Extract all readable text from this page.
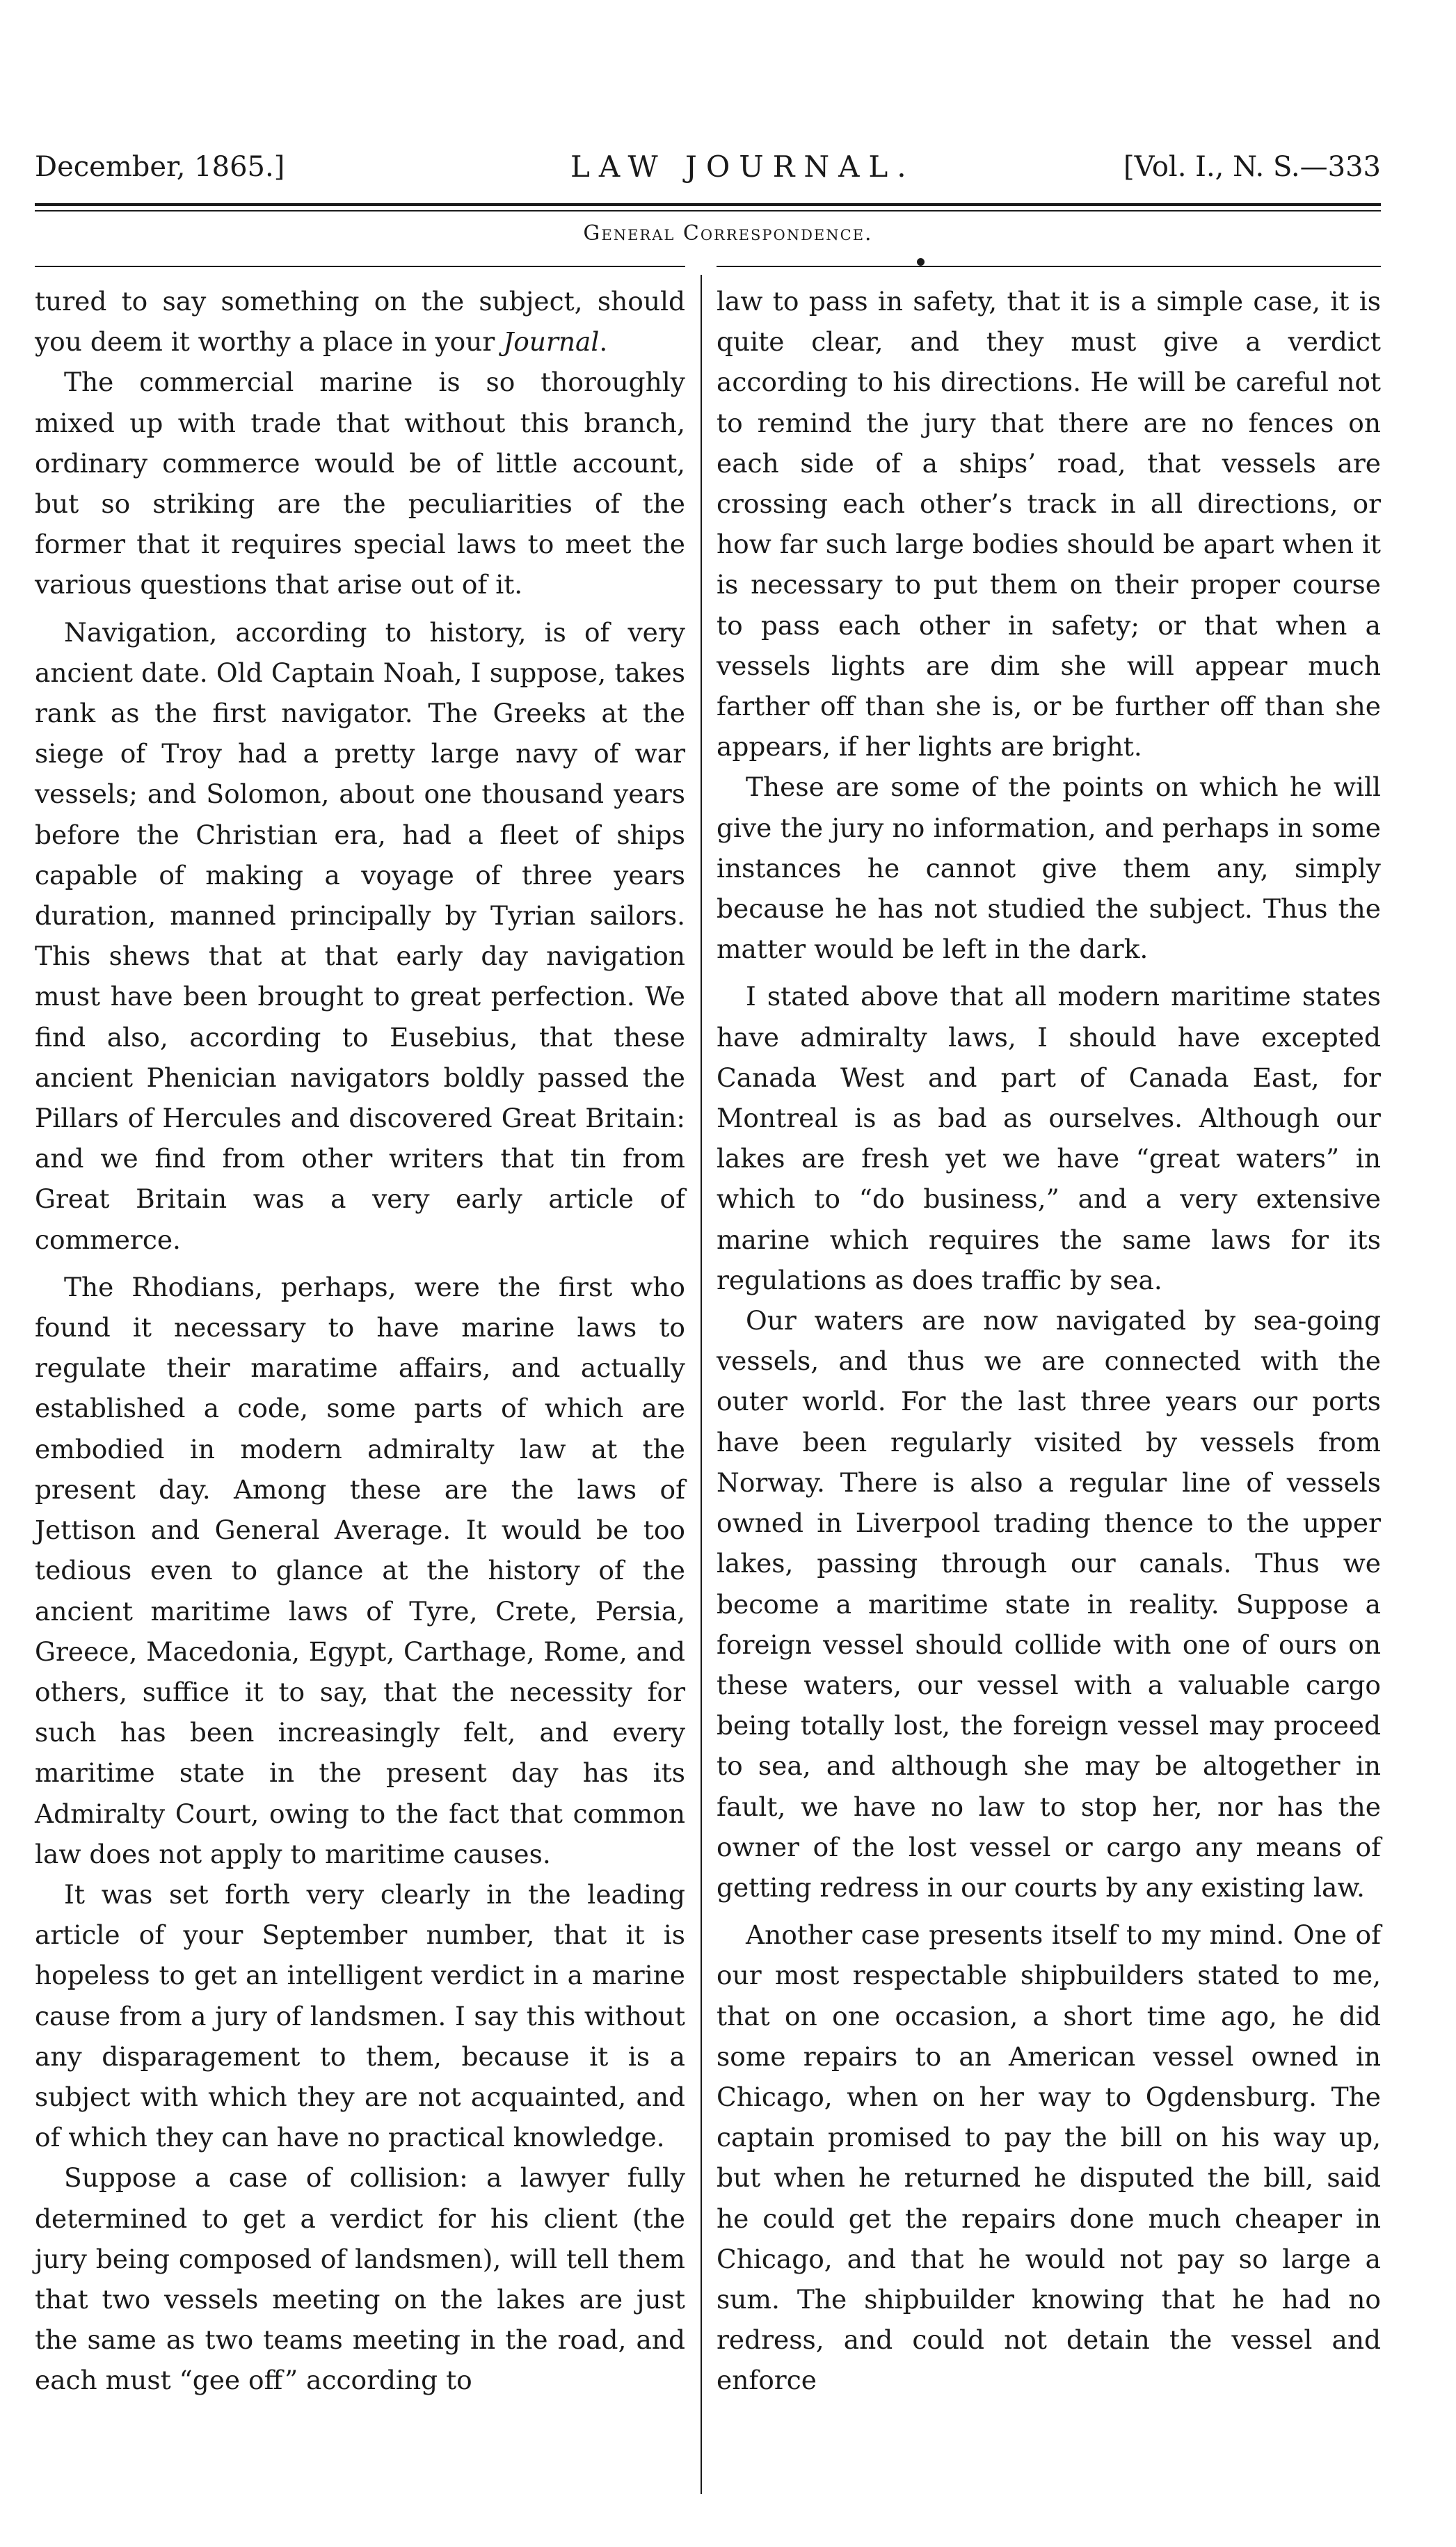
December, 1865.]	LAW JOURNAL.	[Vol. I., N. S.—333
General Correspondence.

tured to say something on the subject, should you deem it worthy a place in your Journal.

The commercial marine is so thoroughly mixed up with trade that without this branch, ordinary commerce would be of little account, but so striking are the peculiarities of the former that it requires special laws to meet the various questions that arise out of it.

Navigation, according to history, is of very ancient date. Old Captain Noah, I suppose, takes rank as the first navigator. The Greeks at the siege of Troy had a pretty large navy of war vessels; and Solomon, about one thousand years before the Christian era, had a fleet of ships capable of making a voyage of three years duration, manned principally by Tyrian sailors. This shews that at that early day navigation must have been brought to great perfection. We find also, according to Eusebius, that these ancient Phenician navigators boldly passed the Pillars of Hercules and discovered Great Britain: and we find from other writers that tin from Great Britain was a very early article of commerce.

The Rhodians, perhaps, were the first who found it necessary to have marine laws to regulate their maratime affairs, and actually established a code, some parts of which are embodied in modern admiralty law at the present day. Among these are the laws of Jettison and General Average. It would be too tedious even to glance at the history of the ancient maritime laws of Tyre, Crete, Persia, Greece, Macedonia, Egypt, Carthage, Rome, and others, suffice it to say, that the necessity for such has been increasingly felt, and every maritime state in the present day has its Admiralty Court, owing to the fact that common law does not apply to maritime causes.

It was set forth very clearly in the leading article of your September number, that it is hopeless to get an intelligent verdict in a marine cause from a jury of landsmen. I say this without any disparagement to them, because it is a subject with which they are not acquainted, and of which they can have no practical knowledge.

Suppose a case of collision: a lawyer fully determined to get a verdict for his client (the jury being composed of landsmen), will tell them that two vessels meeting on the lakes are just the same as two teams meeting in the road, and each must “gee off” according to

law to pass in safety, that it is a simple case, it is quite clear, and they must give a verdict according to his directions. He will be careful not to remind the jury that there are no fences on each side of a ships’ road, that vessels are crossing each other’s track in all directions, or how far such large bodies should be apart when it is necessary to put them on their proper course to pass each other in safety; or that when a vessels lights are dim she will appear much farther off than she is, or be further off than she appears, if her lights are bright.

These are some of the points on which he will give the jury no information, and perhaps in some instances he cannot give them any, simply because he has not studied the subject. Thus the matter would be left in the dark.

I stated above that all modern maritime states have admiralty laws, I should have excepted Canada West and part of Canada East, for Montreal is as bad as ourselves. Although our lakes are fresh yet we have “great waters” in which to “do business,” and a very extensive marine which requires the same laws for its regulations as does traffic by sea.

Our waters are now navigated by sea-going vessels, and thus we are connected with the outer world. For the last three years our ports have been regularly visited by vessels from Norway. There is also a regular line of vessels owned in Liverpool trading thence to the upper lakes, passing through our canals. Thus we become a maritime state in reality. Suppose a foreign vessel should collide with one of ours on these waters, our vessel with a valuable cargo being totally lost, the foreign vessel may proceed to sea, and although she may be altogether in fault, we have no law to stop her, nor has the owner of the lost vessel or cargo any means of getting redress in our courts by any existing law.

Another case presents itself to my mind. One of our most respectable shipbuilders stated to me, that on one occasion, a short time ago, he did some repairs to an American vessel owned in Chicago, when on her way to Ogdensburg. The captain promised to pay the bill on his way up, but when he returned he disputed the bill, said he could get the repairs done much cheaper in Chicago, and that he would not pay so large a sum. The shipbuilder knowing that he had no redress, and could not detain the vessel and enforce
